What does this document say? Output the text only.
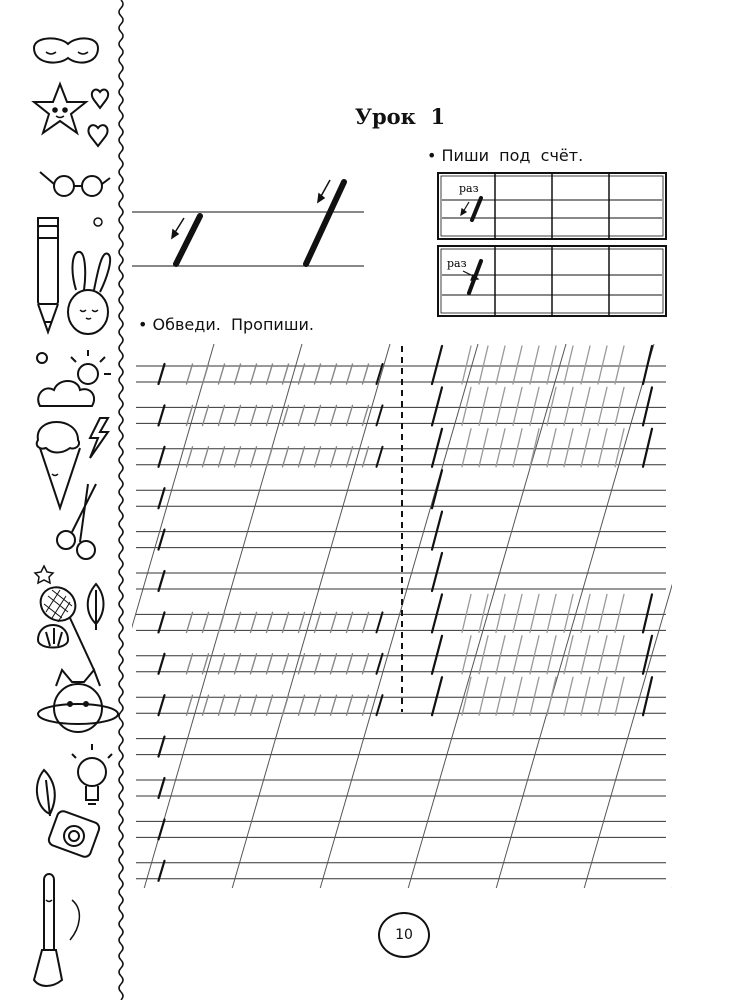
Урок  1
• Пиши  под  счёт.
раз
раз
• Обведи.  Пропиши.
10
